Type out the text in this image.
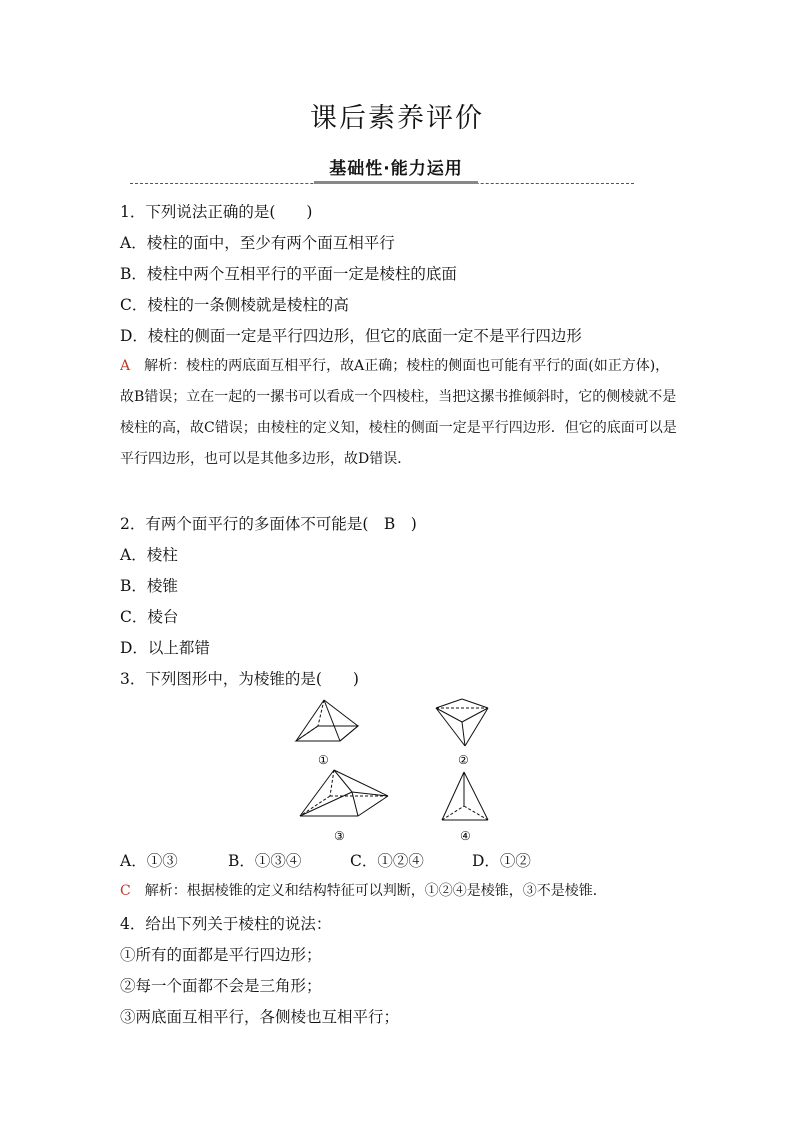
课后素养评价
基础性·能力运用
1．下列说法正确的是(　　)
A．棱柱的面中，至少有两个面互相平行
B．棱柱中两个互相平行的平面一定是棱柱的底面
C．棱柱的一条侧棱就是棱柱的高
D．棱柱的侧面一定是平行四边形，但它的底面一定不是平行四边形
A 解析：棱柱的两底面互相平行，故A正确；棱柱的侧面也可能有平行的面(如正方体)，故B错误；立在一起的一摞书可以看成一个四棱柱，当把这摞书推倾斜时，它的侧棱就不是棱柱的高，故C错误；由棱柱的定义知，棱柱的侧面一定是平行四边形．但它的底面可以是平行四边形，也可以是其他多边形，故D错误．
2．有两个面平行的多面体不可能是(　B　)
A．棱柱
B．棱锥
C．棱台
D．以上都错
3．下列图形中，为棱锥的是(　　)
①	②
③	④
A．①③	B．①③④	C．①②④	D．①②
C 解析：根据棱锥的定义和结构特征可以判断，①②④是棱锥，③不是棱锥．
4．给出下列关于棱柱的说法：
①所有的面都是平行四边形；
②每一个面都不会是三角形；
③两底面互相平行，各侧棱也互相平行；
